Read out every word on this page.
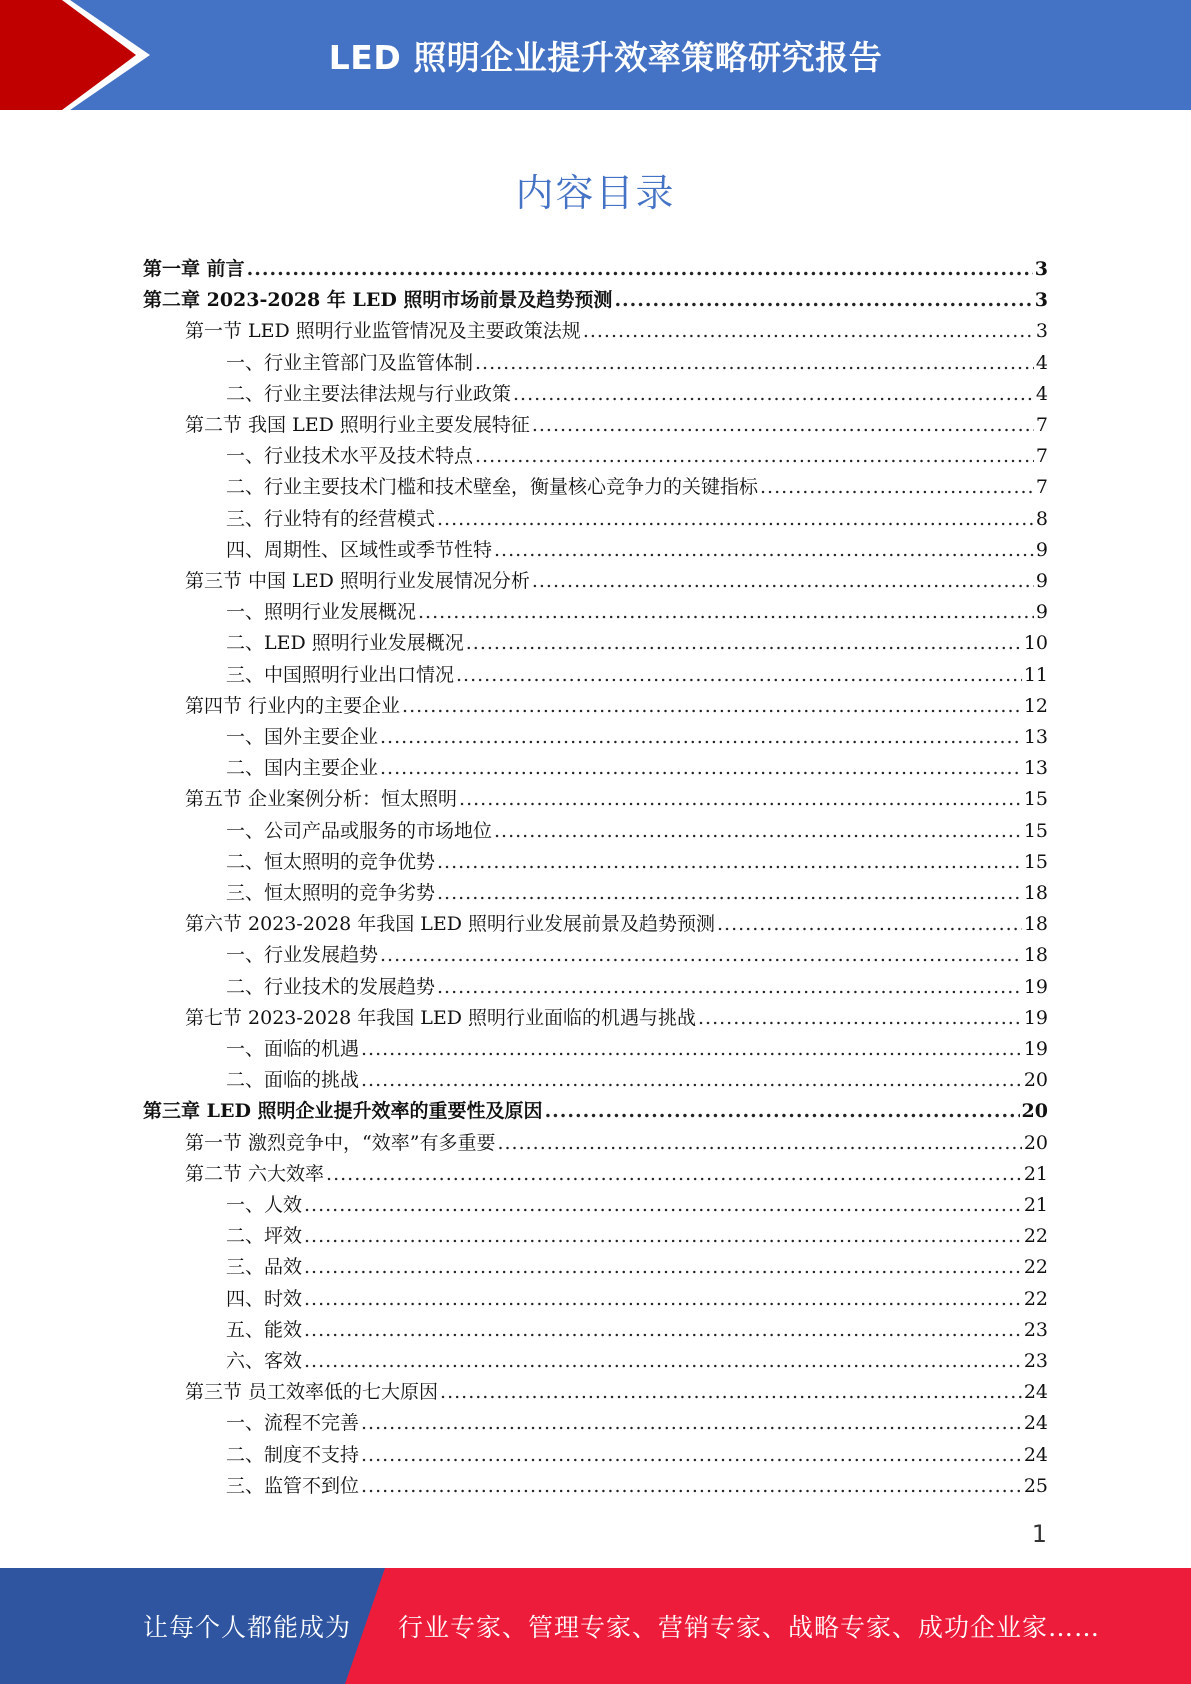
LED 照明企业提升效率策略研究报告
内容目录
第一章 前言 .....	3
第二章 2023-2028 年 LED 照明市场前景及趋势预测 .....	3
第一节 LED 照明行业监管情况及主要政策法规 .....	3
一、行业主管部门及监管体制 .....	4
二、行业主要法律法规与行业政策 .....	4
第二节 我国 LED 照明行业主要发展特征 .....	7
一、行业技术水平及技术特点 .....	7
二、行业主要技术门槛和技术壁垒，衡量核心竞争力的关键指标 .....	7
三、行业特有的经营模式 .....	8
四、周期性、区域性或季节性特 .....	9
第三节 中国 LED 照明行业发展情况分析 .....	9
一、照明行业发展概况 .....	9
二、LED 照明行业发展概况 .....	10
三、中国照明行业出口情况 .....	11
第四节 行业内的主要企业 .....	12
一、国外主要企业 .....	13
二、国内主要企业 .....	13
第五节 企业案例分析：恒太照明 .....	15
一、公司产品或服务的市场地位 .....	15
二、恒太照明的竞争优势 .....	15
三、恒太照明的竞争劣势 .....	18
第六节 2023-2028 年我国 LED 照明行业发展前景及趋势预测 .....	18
一、行业发展趋势 .....	18
二、行业技术的发展趋势 .....	19
第七节 2023-2028 年我国 LED 照明行业面临的机遇与挑战 .....	19
一、面临的机遇 .....	19
二、面临的挑战 .....	20
第三章 LED 照明企业提升效率的重要性及原因 .....	20
第一节 激烈竞争中，“效率”有多重要 .....	20
第二节 六大效率 .....	21
一、人效 .....	21
二、坪效 .....	22
三、品效 .....	22
四、时效 .....	22
五、能效 .....	23
六、客效 .....	23
第三节 员工效率低的七大原因 .....	24
一、流程不完善 .....	24
二、制度不支持 .....	24
三、监管不到位 .....	25
1
让每个人都能成为 行业专家、管理专家、营销专家、战略专家、成功企业家……
